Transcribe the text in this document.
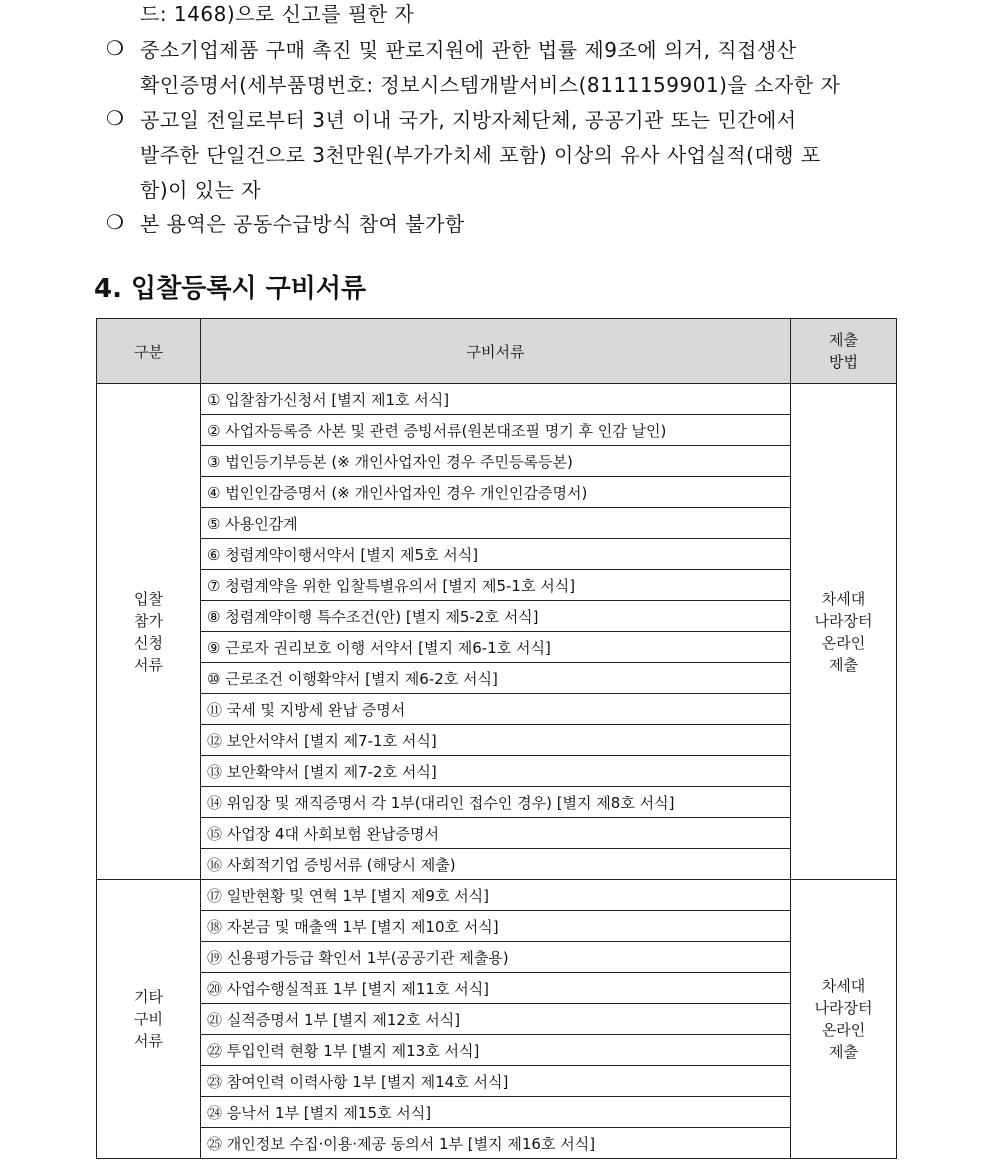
드: 1468)으로 신고를 필한 자
❍ 중소기업제품 구매 촉진 및 판로지원에 관한 법률 제9조에 의거, 직접생산
확인증명서(세부품명번호: 정보시스템개발서비스(8111159901)을 소자한 자
❍ 공고일 전일로부터 3년 이내 국가, 지방자체단체, 공공기관 또는 민간에서
발주한 단일건으로 3천만원(부가가치세 포함) 이상의 유사 사업실적(대행 포
함)이 있는 자
❍ 본 용역은 공동수급방식 참여 불가함
4. 입찰등록시 구비서류
구분	구비서류	제출
방법
입찰
참가
신청
서류	① 입찰참가신청서 [별지 제1호 서식]	차세대
나라장터
온라인
제출
	② 사업자등록증 사본 및 관련 증빙서류(원본대조필 명기 후 인감 날인)	
	③ 법인등기부등본 (※ 개인사업자인 경우 주민등록등본)	
	④ 법인인감증명서 (※ 개인사업자인 경우 개인인감증명서)	
	⑤ 사용인감계	
	⑥ 청렴계약이행서약서 [별지 제5호 서식]	
	⑦ 청렴계약을 위한 입찰특별유의서 [별지 제5-1호 서식]	
	⑧ 청렴계약이행 특수조건(안) [별지 제5-2호 서식]	
	⑨ 근로자 권리보호 이행 서약서 [별지 제6-1호 서식]	
	⑩ 근로조건 이행확약서 [별지 제6-2호 서식]	
	⑪ 국세 및 지방세 완납 증명서	
	⑫ 보안서약서 [별지 제7-1호 서식]	
	⑬ 보안확약서 [별지 제7-2호 서식]	
	⑭ 위임장 및 재직증명서 각 1부(대리인 접수인 경우) [별지 제8호 서식]	
	⑮ 사업장 4대 사회보험 완납증명서	
	⑯ 사회적기업 증빙서류 (해당시 제출)	
기타
구비
서류	⑰ 일반현황 및 연혁 1부 [별지 제9호 서식]	차세대
나라장터
온라인
제출
	⑱ 자본금 및 매출액 1부 [별지 제10호 서식]	
	⑲ 신용평가등급 확인서 1부(공공기관 제출용)	
	⑳ 사업수행실적표 1부 [별지 제11호 서식]	
	㉑ 실적증명서 1부 [별지 제12호 서식]	
	㉒ 투입인력 현황 1부 [별지 제13호 서식]	
	㉓ 참여인력 이력사항 1부 [별지 제14호 서식]	
	㉔ 응낙서 1부 [별지 제15호 서식]	
	㉕ 개인정보 수집·이용·제공 동의서 1부 [별지 제16호 서식]	
